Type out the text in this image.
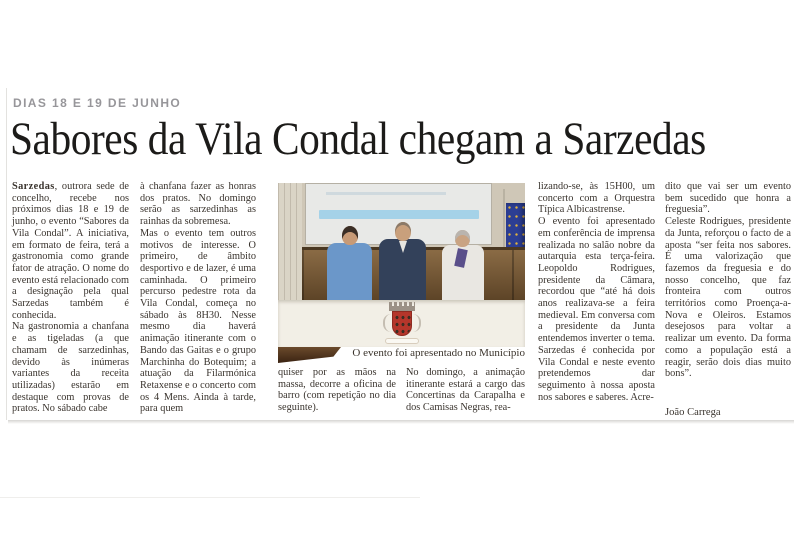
DIAS 18 E 19 DE JUNHO
Sabores da Vila Condal chegam a Sarzedas

Sarzedas, outrora sede de concelho, recebe nos próximos dias 18 e 19 de junho, o evento “Sabores da Vila Condal”. A iniciativa, em formato de feira, terá a gastronomia como grande fator de atração. O nome do evento está relacionado com a designação pela qual Sarzedas também é conhecida.

Na gastronomia a chanfana e as tigeladas (a que chamam de sarzedinhas, devido às inúmeras variantes da receita utilizadas) estarão em destaque com provas de pratos. No sábado cabe

à chanfana fazer as honras dos pratos. No domingo serão as sarzedinhas as rainhas da sobremesa.

Mas o evento tem outros motivos de interesse. O primeiro, de âmbito desportivo e de lazer, é uma caminhada. O primeiro percurso pedestre rota da Vila Condal, começa no sábado às 8H30. Nesse mesmo dia haverá animação itinerante com o Bando das Gaitas e o grupo Marchinha do Botequim; a atuação da Filarmónica Retaxense e o concerto com os 4 Mens. Ainda à tarde, para quem

O evento foi apresentado no Município

quiser por as mãos na massa, decorre a oficina de barro (com repetição no dia seguinte).

No domingo, a animação itinerante estará a cargo das Concertinas da Carapalha e dos Camisas Negras, rea-

lizando-se, às 15H00, um concerto com a Orquestra Típica Albicastrense.

O evento foi apresentado em conferência de imprensa realizada no salão nobre da autarquia esta terça-feira. Leopoldo Rodrigues, presidente da Câmara, recordou que “até há dois anos realizava-se a feira medieval. Em conversa com a presidente da Junta entendemos inverter o tema. Sarzedas é conhecida por Vila Condal e neste evento pretendemos dar seguimento à nossa aposta nos sabores e saberes. Acre-

dito que vai ser um evento bem sucedido que honra a freguesia”.

Celeste Rodrigues, presidente da Junta, reforçou o facto de a aposta “ser feita nos sabores. É uma valorização que fazemos da freguesia e do nosso concelho, que faz fronteira com outros territórios como Proença-a-Nova e Oleiros. Estamos desejosos para voltar a realizar um evento. Da forma como a população está a reagir, serão dois dias muito bons”.

João Carrega
